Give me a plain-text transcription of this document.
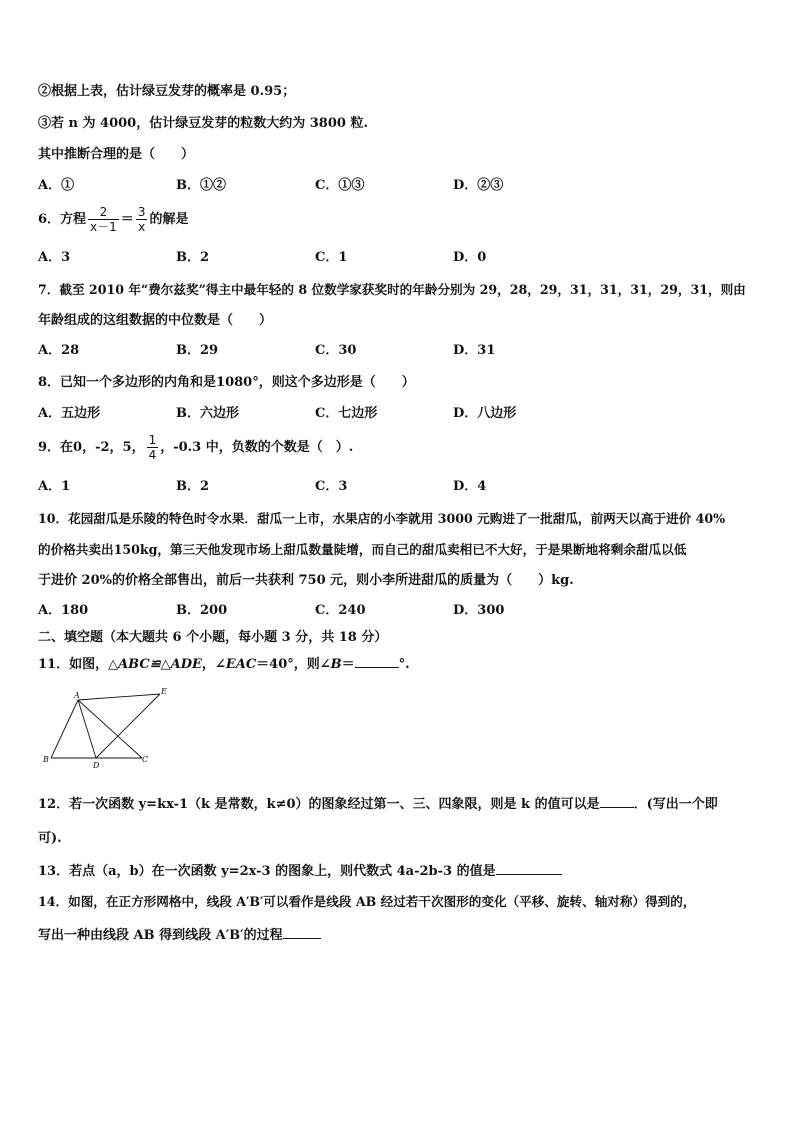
②根据上表，估计绿豆发芽的概率是 0.95；
③若 n 为 4000，估计绿豆发芽的粒数大约为 3800 粒.
其中推断合理的是（　　）
A．①	B．①②	C．①③	D．②③
6．方程 $\frac{2}{x-1} = \frac{3}{x}$ 的解是
A．3	B．2	C．1	D．0
7．截至 2010 年“费尔兹奖”得主中最年轻的 8 位数学家获奖时的年龄分别为 29，28，29，31，31，31，29，31，则由
年龄组成的这组数据的中位数是（　　）
A．28	B．29	C．30	D．31
8．已知一个多边形的内角和是1080°，则这个多边形是（　　）
A．五边形	B．六边形	C．七边形	D．八边形
9．在0，-2，5， $\frac{1}{4}$ ，-0.3 中，负数的个数是（　）.
A．1	B．2	C．3	D．4
10．花园甜瓜是乐陵的特色时令水果．甜瓜一上市，水果店的小李就用 3000 元购进了一批甜瓜，前两天以高于进价 40%
的价格共卖出150kg，第三天他发现市场上甜瓜数量陡增，而自己的甜瓜卖相已不大好，于是果断地将剩余甜瓜以低
于进价 20%的价格全部售出，前后一共获利 750 元，则小李所进甜瓜的质量为（　　）kg.
A．180	B．200	C．240	D．300
二、填空题（本大题共 6 个小题，每小题 3 分，共 18 分）
11．如图，△ABC≌△ADE，∠EAC＝40°，则∠B＝	°.
A	E
B
D
C
12．若一次函数 y=kx-1（k 是常数，k≠0）的图象经过第一、三、四象限，则是 k 的值可以是	．(写出一个即
可).
13．若点（a，b）在一次函数 y=2x-3 的图象上，则代数式 4a-2b-3 的值是
14．如图，在正方形网格中，线段 A′B′可以看作是线段 AB 经过若干次图形的变化（平移、旋转、轴对称）得到的，
写出一种由线段 AB 得到线段 A′B′的过程
